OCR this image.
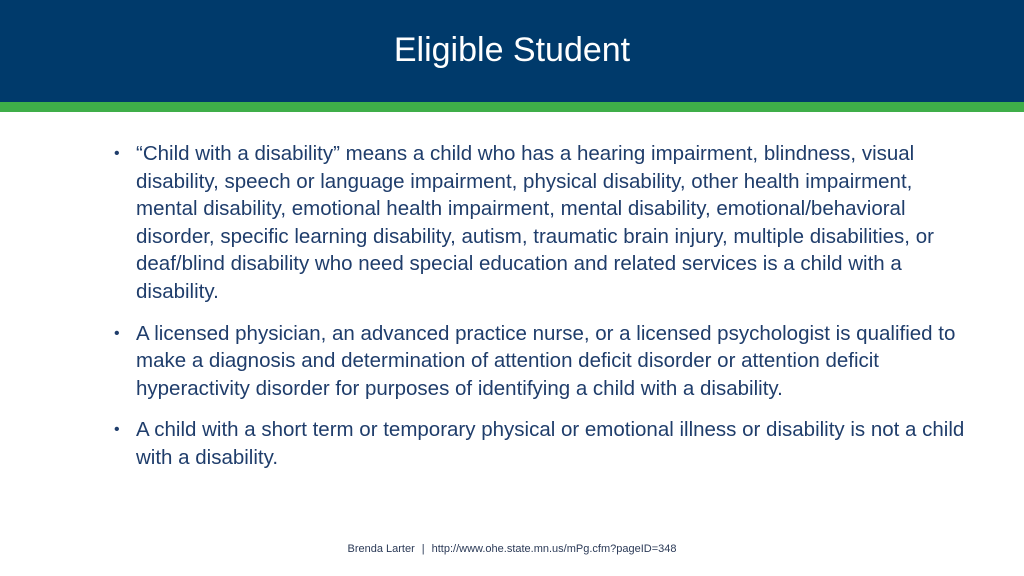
Eligible Student
• “Child with a disability” means a child who has a hearing impairment, blindness, visual disability, speech or language impairment, physical disability, other health impairment, mental disability, emotional health impairment, mental disability, emotional/behavioral disorder, specific learning disability, autism, traumatic brain injury, multiple disabilities, or deaf/blind disability who need special education and related services is a child with a disability.
• A licensed physician, an advanced practice nurse, or a licensed psychologist is qualified to make a diagnosis and determination of attention deficit disorder or attention deficit hyperactivity disorder for purposes of identifying a child with a disability.
• A child with a short term or temporary physical or emotional illness or disability is not a child with a disability.
Brenda Larter | http://www.ohe.state.mn.us/mPg.cfm?pageID=348
